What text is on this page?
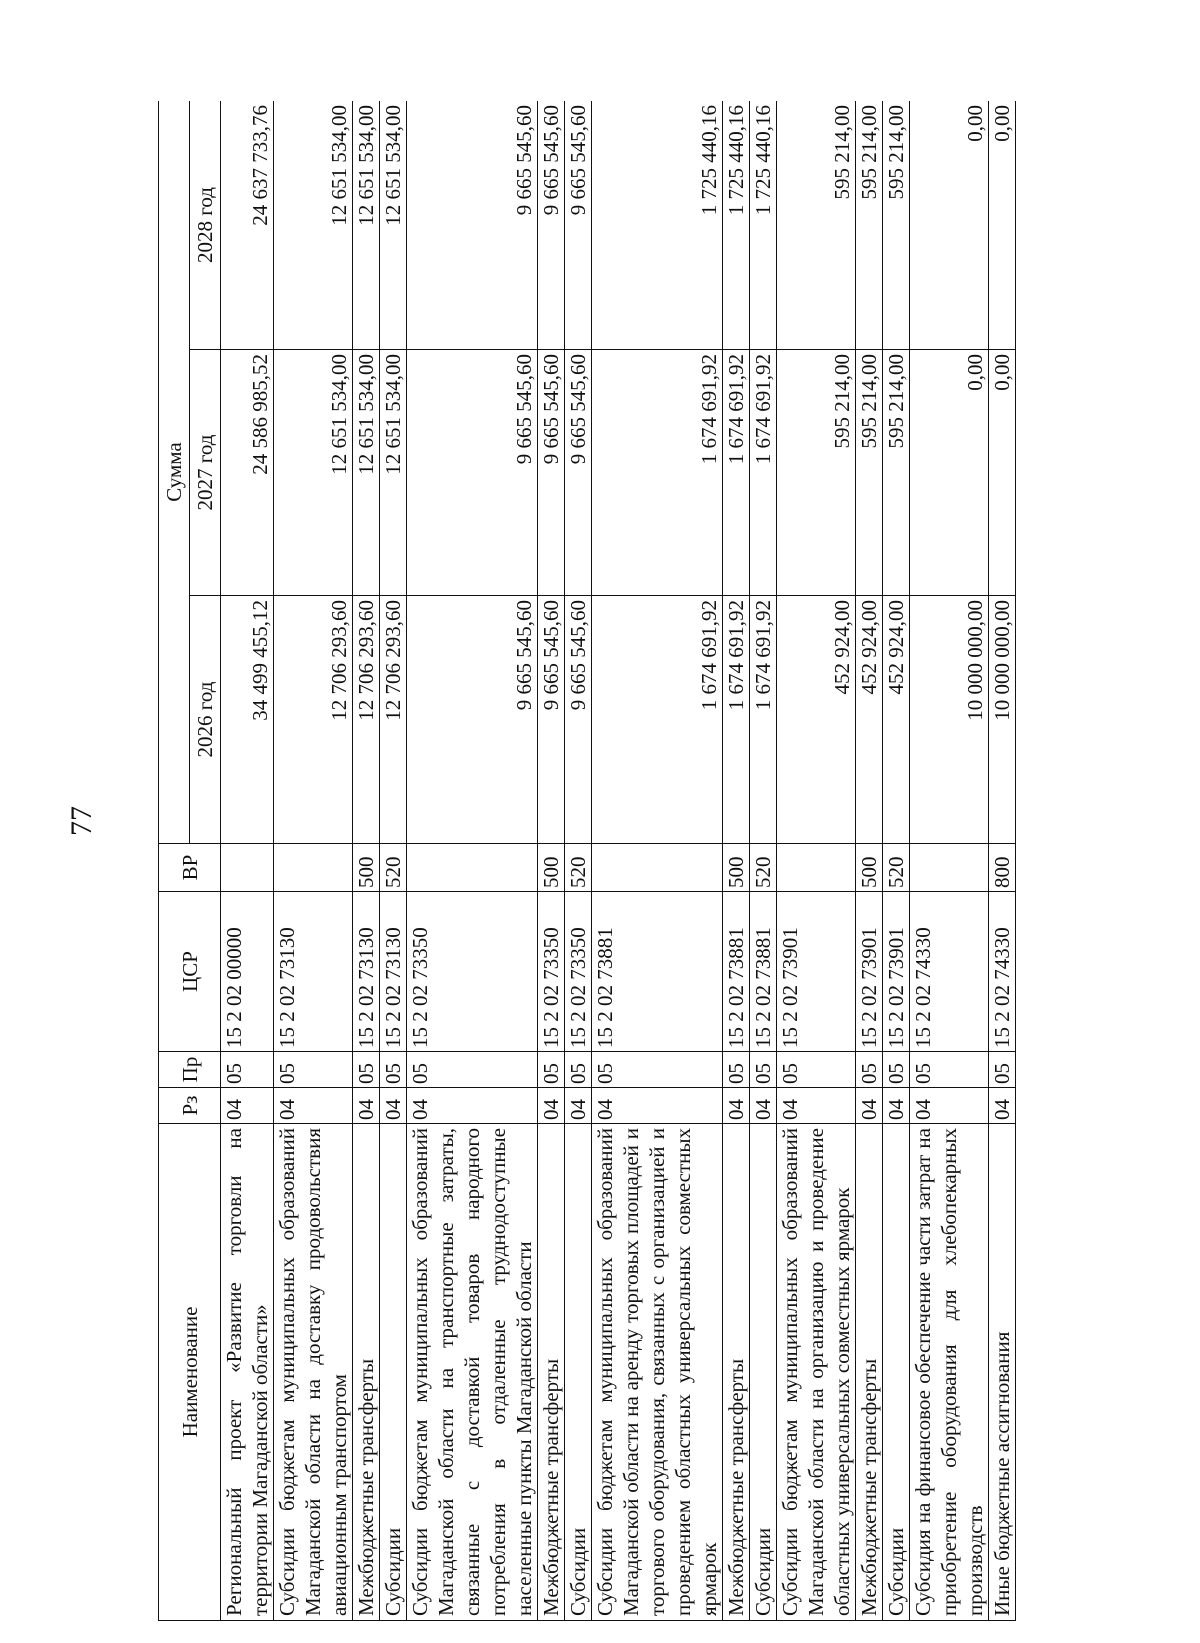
77
Наименование	Рз	Пр	ЦСР	ВР	Сумма		
					2026 год	2027 год	2028 год
Региональный проект «Развитие торговли на территории Магаданской области»	04	05	15 2 02 00000		34 499 455,12	24 586 985,52	24 637 733,76
Субсидии бюджетам муниципальных образований Магаданской области на доставку продовольствия авиационным транспортом	04	05	15 2 02 73130		12 706 293,60	12 651 534,00	12 651 534,00
Межбюджетные трансферты	04	05	15 2 02 73130	500	12 706 293,60	12 651 534,00	12 651 534,00
Субсидии	04	05	15 2 02 73130	520	12 706 293,60	12 651 534,00	12 651 534,00
Субсидии бюджетам муниципальных образований Магаданской области на транспортные затраты, связанные с доставкой товаров народного потребления в отдаленные труднодоступные населенные пункты Магаданской области	04	05	15 2 02 73350		9 665 545,60	9 665 545,60	9 665 545,60
Межбюджетные трансферты	04	05	15 2 02 73350	500	9 665 545,60	9 665 545,60	9 665 545,60
Субсидии	04	05	15 2 02 73350	520	9 665 545,60	9 665 545,60	9 665 545,60
Субсидии бюджетам муниципальных образований Магаданской области на аренду торговых площадей и торгового оборудования, связанных с организацией и проведением областных универсальных совместных ярмарок	04	05	15 2 02 73881		1 674 691,92	1 674 691,92	1 725 440,16
Межбюджетные трансферты	04	05	15 2 02 73881	500	1 674 691,92	1 674 691,92	1 725 440,16
Субсидии	04	05	15 2 02 73881	520	1 674 691,92	1 674 691,92	1 725 440,16
Субсидии бюджетам муниципальных образований Магаданской области на организацию и проведение областных универсальных совместных ярмарок	04	05	15 2 02 73901		452 924,00	595 214,00	595 214,00
Межбюджетные трансферты	04	05	15 2 02 73901	500	452 924,00	595 214,00	595 214,00
Субсидии	04	05	15 2 02 73901	520	452 924,00	595 214,00	595 214,00
Субсидия на финансовое обеспечение части затрат на приобретение оборудования для хлебопекарных производств	04	05	15 2 02 74330		10 000 000,00	0,00	0,00
Иные бюджетные ассигнования	04	05	15 2 02 74330	800	10 000 000,00	0,00	0,00
